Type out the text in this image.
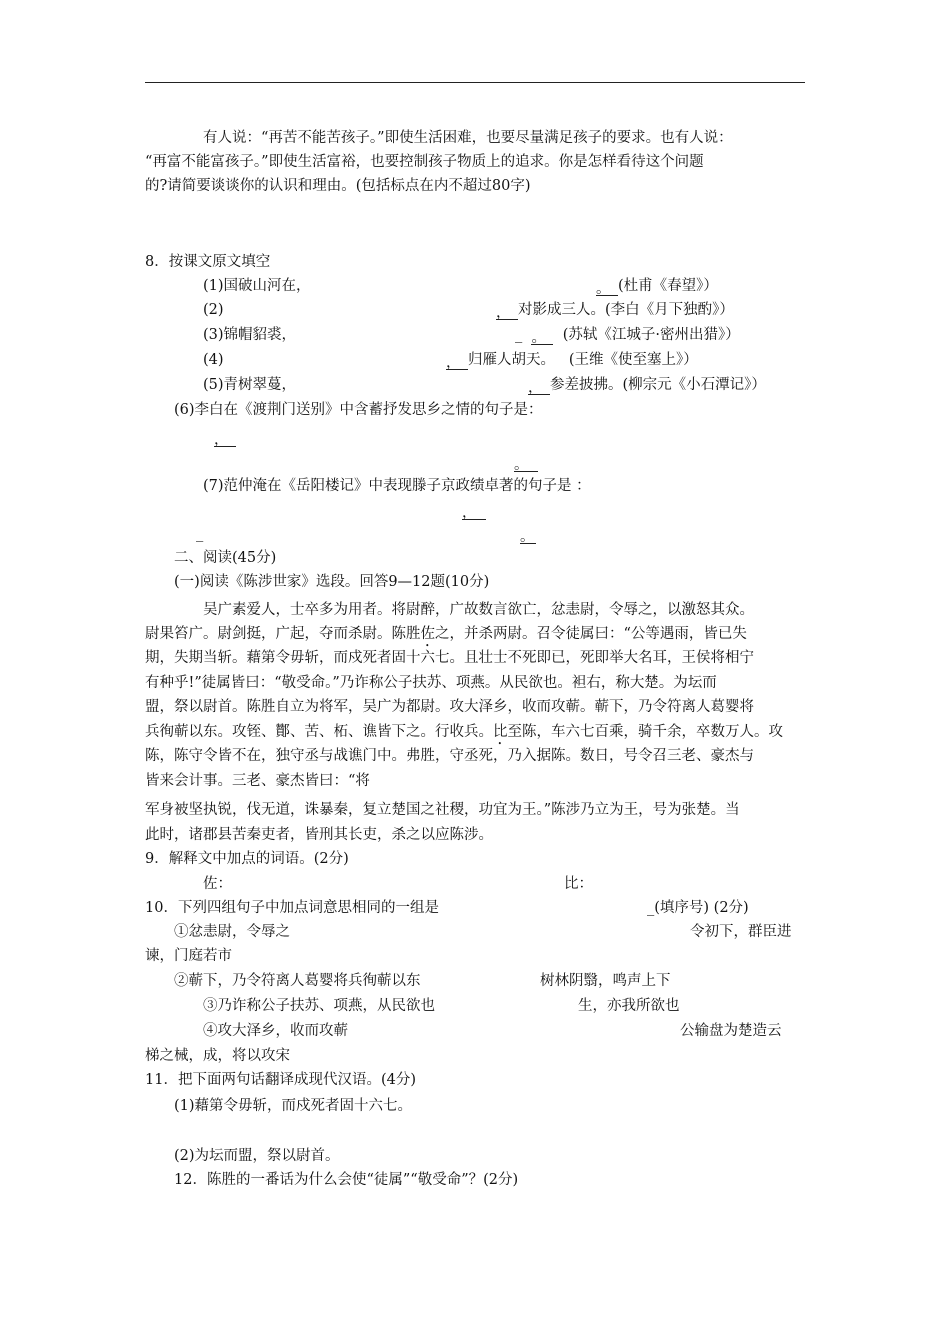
有人说：“再苦不能苦孩子。”即使生活困难，也要尽量满足孩子的要求。也有人说：
“再富不能富孩子。”即使生活富裕，也要控制孩子物质上的追求。你是怎样看待这个问题
的?请简要谈谈你的认识和理由。(包括标点在内不超过80字)
8．按课文原文填空
(1)国破山河在，	。 (杜甫《春望》）
(2)	， 对影成三人。(李白《月下独酌》）
(3)锦帽貂裘，	_ 。 (苏轼《江城子·密州出猎》）
(4)	， 归雁人胡天。 (王维《使至塞上》）
(5)青树翠蔓，	， 参差披拂。(柳宗元《小石潭记》）
(6)李白在《渡荆门送别》中含蓄抒发思乡之情的句子是：
，
。
(7)范仲淹在《岳阳楼记》中表现滕子京政绩卓著的句子是 ：
，
_	。
二、阅读(45分)
(一)阅读《陈涉世家》选段。回答9—12题(10分)
吴广素爱人，士卒多为用者。将尉醉，广故数言欲亡，忿恚尉，令辱之，以激怒其众。
尉果笞广。尉剑挺，广起，夺而杀尉。陈胜佐之，并杀两尉。召令徒属曰：“公等遇雨，皆已失
期，失期当斩。藉第令毋斩，而戍死者固十六七。且壮士不死即已，死即举大名耳，王侯将相宁
有种乎!”徒属皆曰：“敬受命。”乃诈称公子扶苏、项燕。从民欲也。袒右，称大楚。为坛而
盟，祭以尉首。陈胜自立为将军，吴广为都尉。攻大泽乡，收而攻蕲。蕲下，乃令符离人葛婴将
兵徇蕲以东。攻铚、酇、苦、柘、谯皆下之。行收兵。比至陈，车六七百乘，骑千余，卒数万人。攻
陈，陈守令皆不在，独守丞与战谯门中。弗胜，守丞死，乃入据陈。数日，号令召三老、豪杰与
皆来会计事。三老、豪杰皆曰：“将
军身被坚执锐，伐无道，诛暴秦，复立楚国之社稷，功宜为王。”陈涉乃立为王，号为张楚。当
此时，诸郡县苦秦吏者，皆刑其长吏，杀之以应陈涉。
9．解释文中加点的词语。(2分)
佐：	比：
10．下列四组句子中加点词意思相同的一组是	_(填序号) (2分)
①忿恚尉，令辱之	令初下，群臣进
谏，门庭若市
②蕲下，乃令符离人葛婴将兵徇蕲以东	树林阴翳，鸣声上下
③乃诈称公子扶苏、项燕，从民欲也	生，亦我所欲也
④攻大泽乡，收而攻蕲	公输盘为楚造云
梯之械，成，将以攻宋
11．把下面两句话翻译成现代汉语。(4分)
(1)藉第令毋斩，而戍死者固十六七。
(2)为坛而盟，祭以尉首。
12．陈胜的一番话为什么会使“徒属”“敬受命”？(2分)
